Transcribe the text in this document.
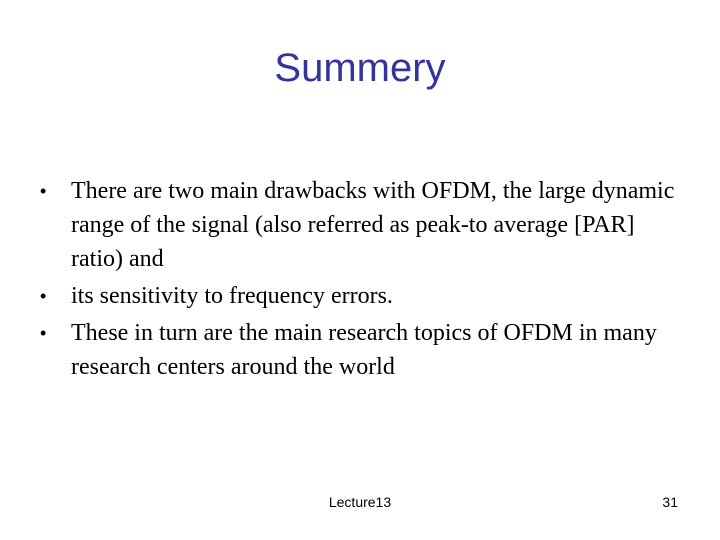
Summery
•	There are two main drawbacks with OFDM, the large dynamic range of the signal (also referred as peak-to average [PAR] ratio) and
•	its sensitivity to frequency errors.
•	These in turn are the main research topics of OFDM in many research centers around the world
Lecture13	31
